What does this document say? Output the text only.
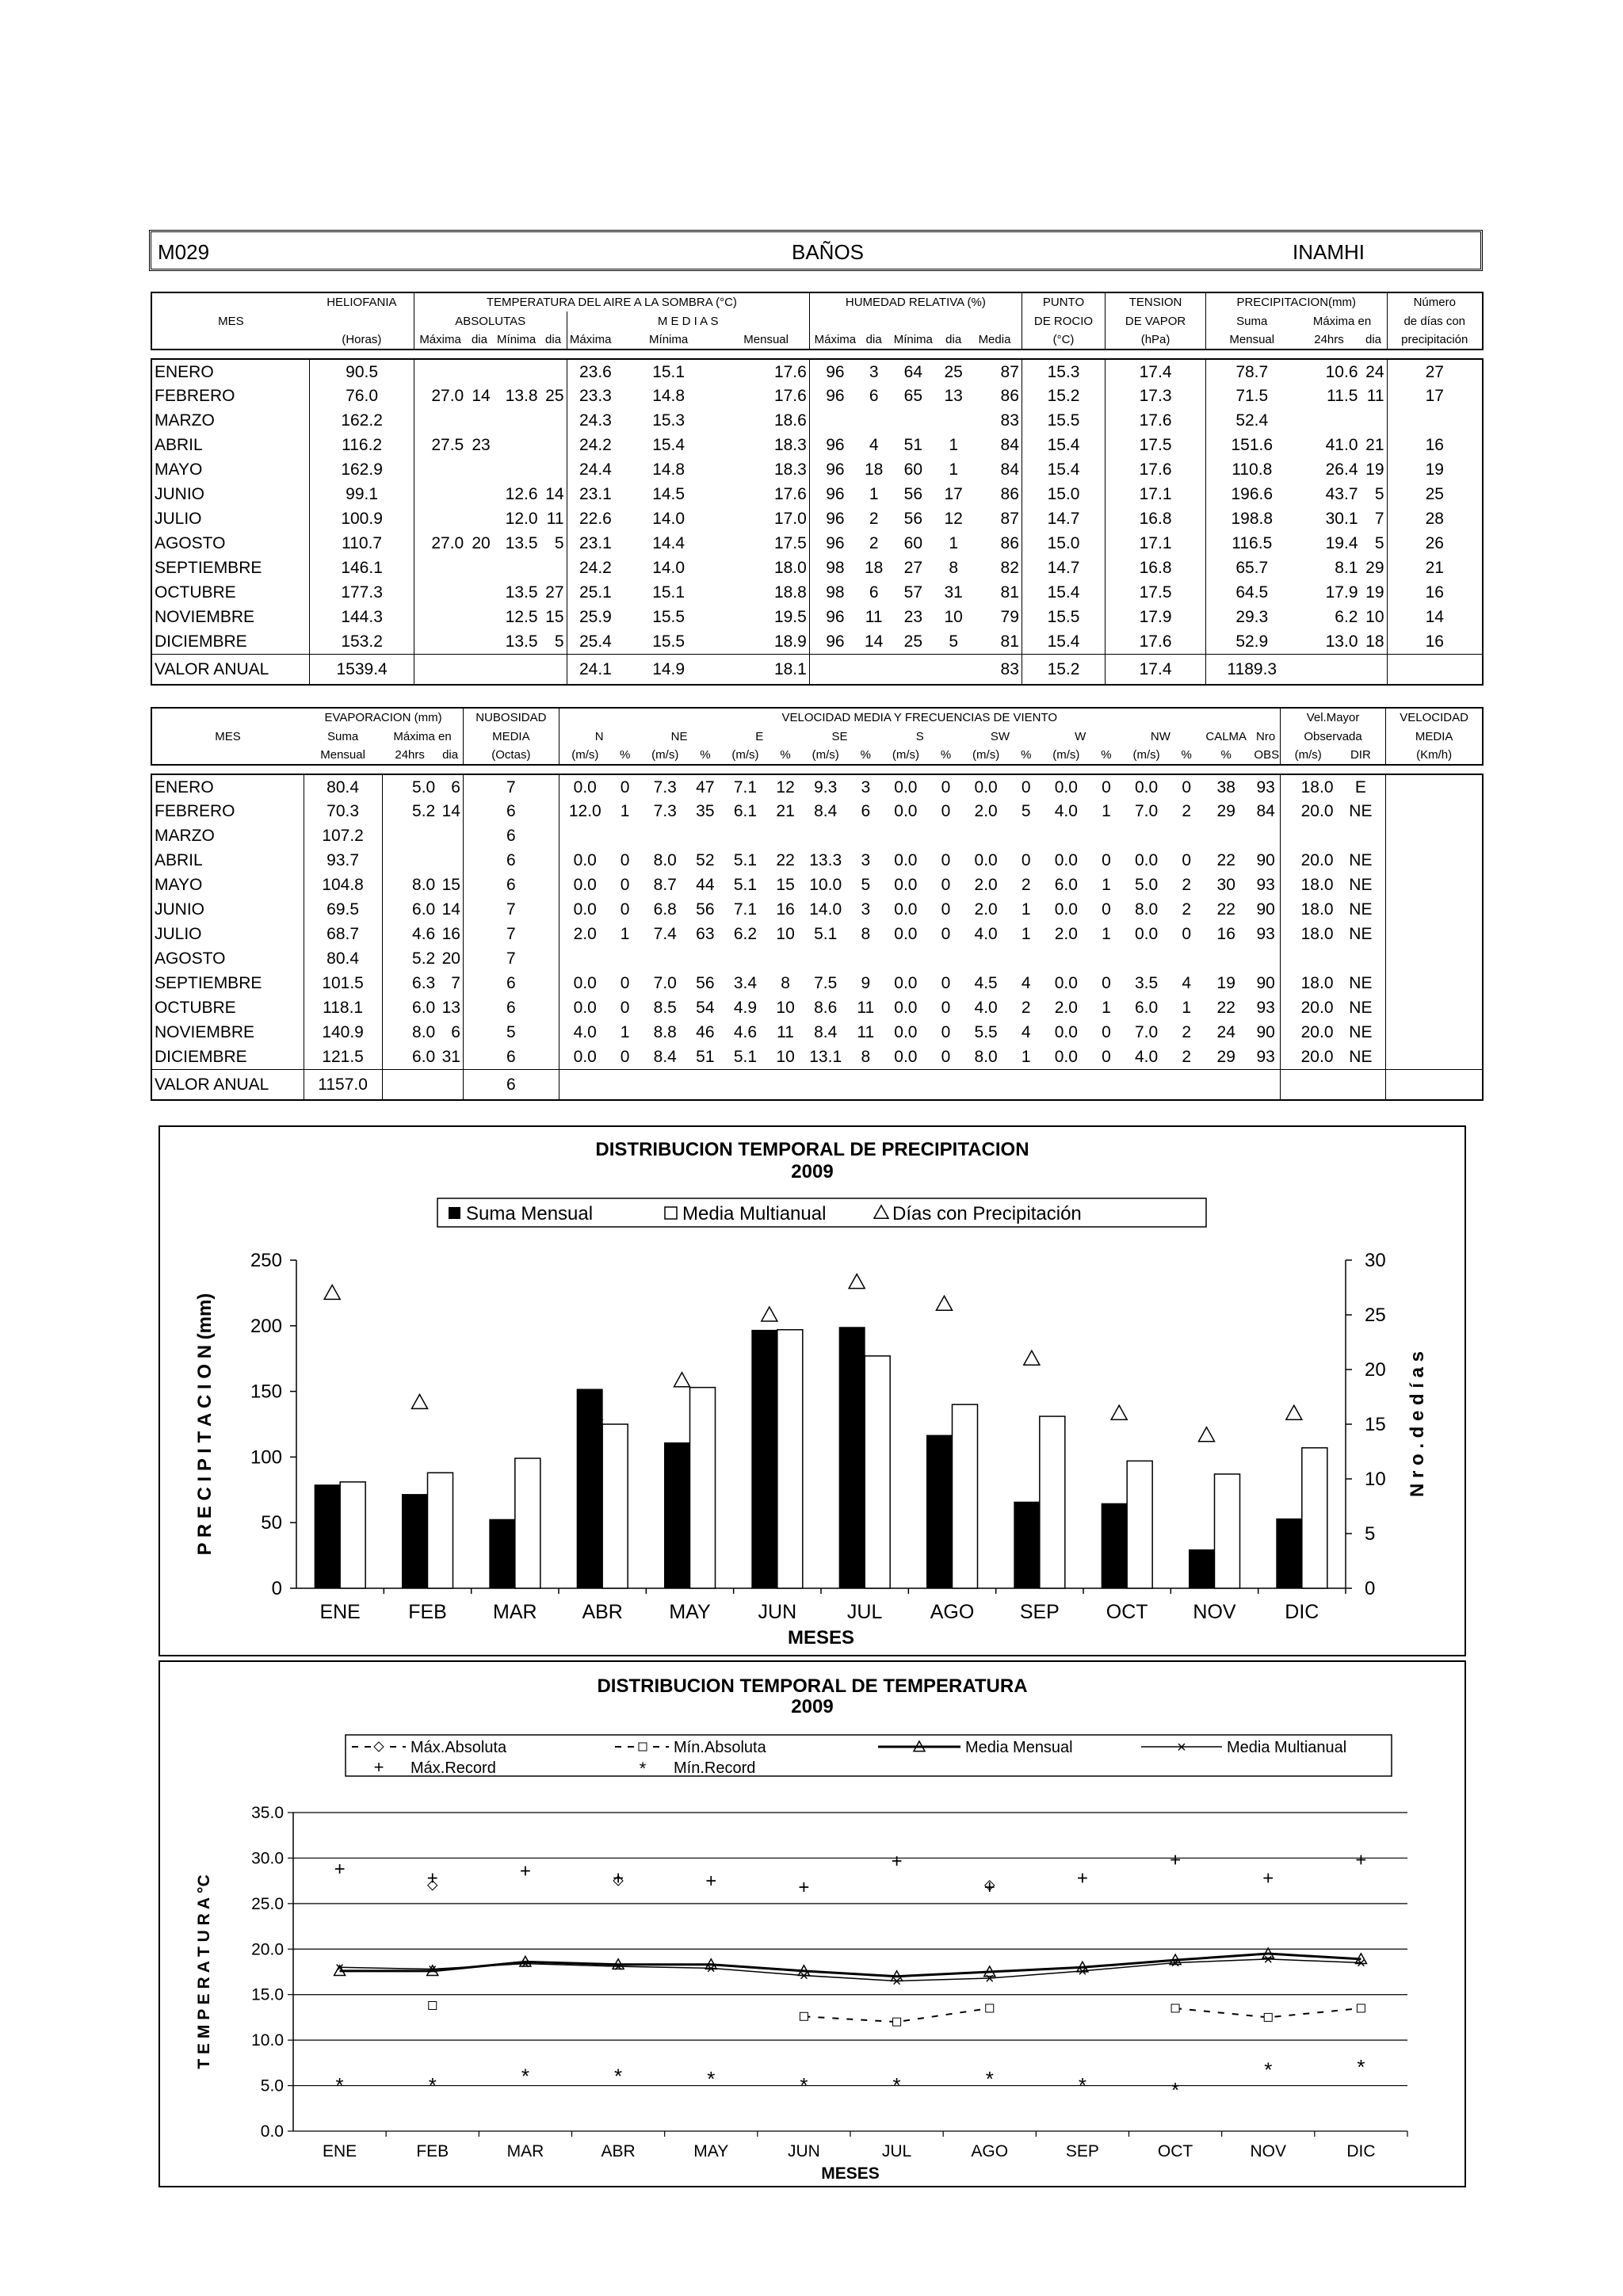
M029	BAÑOS	INAMHI
	HELIOFANIA	TEMPERATURA DEL AIRE A LA SOMBRA (°C)							HUMEDAD RELATIVA (%)					PUNTO	TENSION	PRECIPITACION(mm)			Número
MES		ABSOLUTAS				M E D I A S								DE ROCIO	DE VAPOR	Suma	Máxima en		de días con
	(Horas)	Máxima	dia	Mínima	dia	Máxima	Mínima	Mensual	Máxima	dia	Mínima	dia	Media	(°C)	(hPa)	Mensual	24hrs	dia	precipitación

ENERO	90.5					23.6	15.1	17.6	96	3	64	25	87	15.3	17.4	78.7	10.6	24	27
FEBRERO	76.0	27.0	14	13.8	25	23.3	14.8	17.6	96	6	65	13	86	15.2	17.3	71.5	11.5	11	17
MARZO	162.2					24.3	15.3	18.6					83	15.5	17.6	52.4			
ABRIL	116.2	27.5	23			24.2	15.4	18.3	96	4	51	1	84	15.4	17.5	151.6	41.0	21	16
MAYO	162.9					24.4	14.8	18.3	96	18	60	1	84	15.4	17.6	110.8	26.4	19	19
JUNIO	99.1			12.6	14	23.1	14.5	17.6	96	1	56	17	86	15.0	17.1	196.6	43.7	5	25
JULIO	100.9			12.0	11	22.6	14.0	17.0	96	2	56	12	87	14.7	16.8	198.8	30.1	7	28
AGOSTO	110.7	27.0	20	13.5	5	23.1	14.4	17.5	96	2	60	1	86	15.0	17.1	116.5	19.4	5	26
SEPTIEMBRE	146.1					24.2	14.0	18.0	98	18	27	8	82	14.7	16.8	65.7	8.1	29	21
OCTUBRE	177.3			13.5	27	25.1	15.1	18.8	98	6	57	31	81	15.4	17.5	64.5	17.9	19	16
NOVIEMBRE	144.3			12.5	15	25.9	15.5	19.5	96	11	23	10	79	15.5	17.9	29.3	6.2	10	14
DICIEMBRE	153.2			13.5	5	25.4	15.5	18.9	96	14	25	5	81	15.4	17.6	52.9	13.0	18	16
VALOR ANUAL	1539.4					24.1	14.9	18.1					83	15.2	17.4	1189.3			
	EVAPORACION (mm)			NUBOSIDAD	VELOCIDAD MEDIA Y FRECUENCIAS DE VIENTO																		Vel.Mayor		VELOCIDAD
MES	Suma	Máxima en		MEDIA	N		NE		E		SE		S		SW		W		NW		CALMA	Nro	Observada		MEDIA
	Mensual	24hrs	dia	(Octas)	(m/s)	%	(m/s)	%	(m/s)	%	(m/s)	%	(m/s)	%	(m/s)	%	(m/s)	%	(m/s)	%	%	OBS	(m/s)	DIR	(Km/h)

ENERO	80.4	5.0	6	7	0.0	0	7.3	47	7.1	12	9.3	3	0.0	0	0.0	0	0.0	0	0.0	0	38	93	18.0	E	
FEBRERO	70.3	5.2	14	6	12.0	1	7.3	35	6.1	21	8.4	6	0.0	0	2.0	5	4.0	1	7.0	2	29	84	20.0	NE	
MARZO	107.2			6																					
ABRIL	93.7			6	0.0	0	8.0	52	5.1	22	13.3	3	0.0	0	0.0	0	0.0	0	0.0	0	22	90	20.0	NE	
MAYO	104.8	8.0	15	6	0.0	0	8.7	44	5.1	15	10.0	5	0.0	0	2.0	2	6.0	1	5.0	2	30	93	18.0	NE	
JUNIO	69.5	6.0	14	7	0.0	0	6.8	56	7.1	16	14.0	3	0.0	0	2.0	1	0.0	0	8.0	2	22	90	18.0	NE	
JULIO	68.7	4.6	16	7	2.0	1	7.4	63	6.2	10	5.1	8	0.0	0	4.0	1	2.0	1	0.0	0	16	93	18.0	NE	
AGOSTO	80.4	5.2	20	7																					
SEPTIEMBRE	101.5	6.3	7	6	0.0	0	7.0	56	3.4	8	7.5	9	0.0	0	4.5	4	0.0	0	3.5	4	19	90	18.0	NE	
OCTUBRE	118.1	6.0	13	6	0.0	0	8.5	54	4.9	10	8.6	11	0.0	0	4.0	2	2.0	1	6.0	1	22	93	20.0	NE	
NOVIEMBRE	140.9	8.0	6	5	4.0	1	8.8	46	4.6	11	8.4	11	0.0	0	5.5	4	0.0	0	7.0	2	24	90	20.0	NE	
DICIEMBRE	121.5	6.0	31	6	0.0	0	8.4	51	5.1	10	13.1	8	0.0	0	8.0	1	0.0	0	4.0	2	29	93	20.0	NE	
VALOR ANUAL	1157.0			6																					
DISTRIBUCION TEMPORAL DE PRECIPITACION
2009
Suma Mensual	Media Multianual	Días con Precipitación
0
50
100
150
200
250
0
5
10
15
20
25
30
ENE FEB MAR ABR MAY JUN	JUL AGO SEP OCT NOV DIC
MESES
P R E C I P I T A C I O N (mm)	N r o . d e d í a s
DISTRIBUCION TEMPORAL DE TEMPERATURA
2009
Máx.Absoluta	Mín.Absoluta	Media Mensual	×	Media Multianual
+ Máx.Record	* Mín.Record
0.0
5.0
10.0
15.0
20.0
25.0
30.0
35.0
ENE	FEB	MAR	ABR	MAY	JUN	JUL	AGO	SEP	OCT	NOV	DIC
MESES
T E M P E R A T U R A °C	×	×	×	×	×	×	×	×	×	×	×	×
+	+	+	+	+	+
+
+	+
+
+
+
*	*	*	*	*	*	*	*	*	*
*	*
